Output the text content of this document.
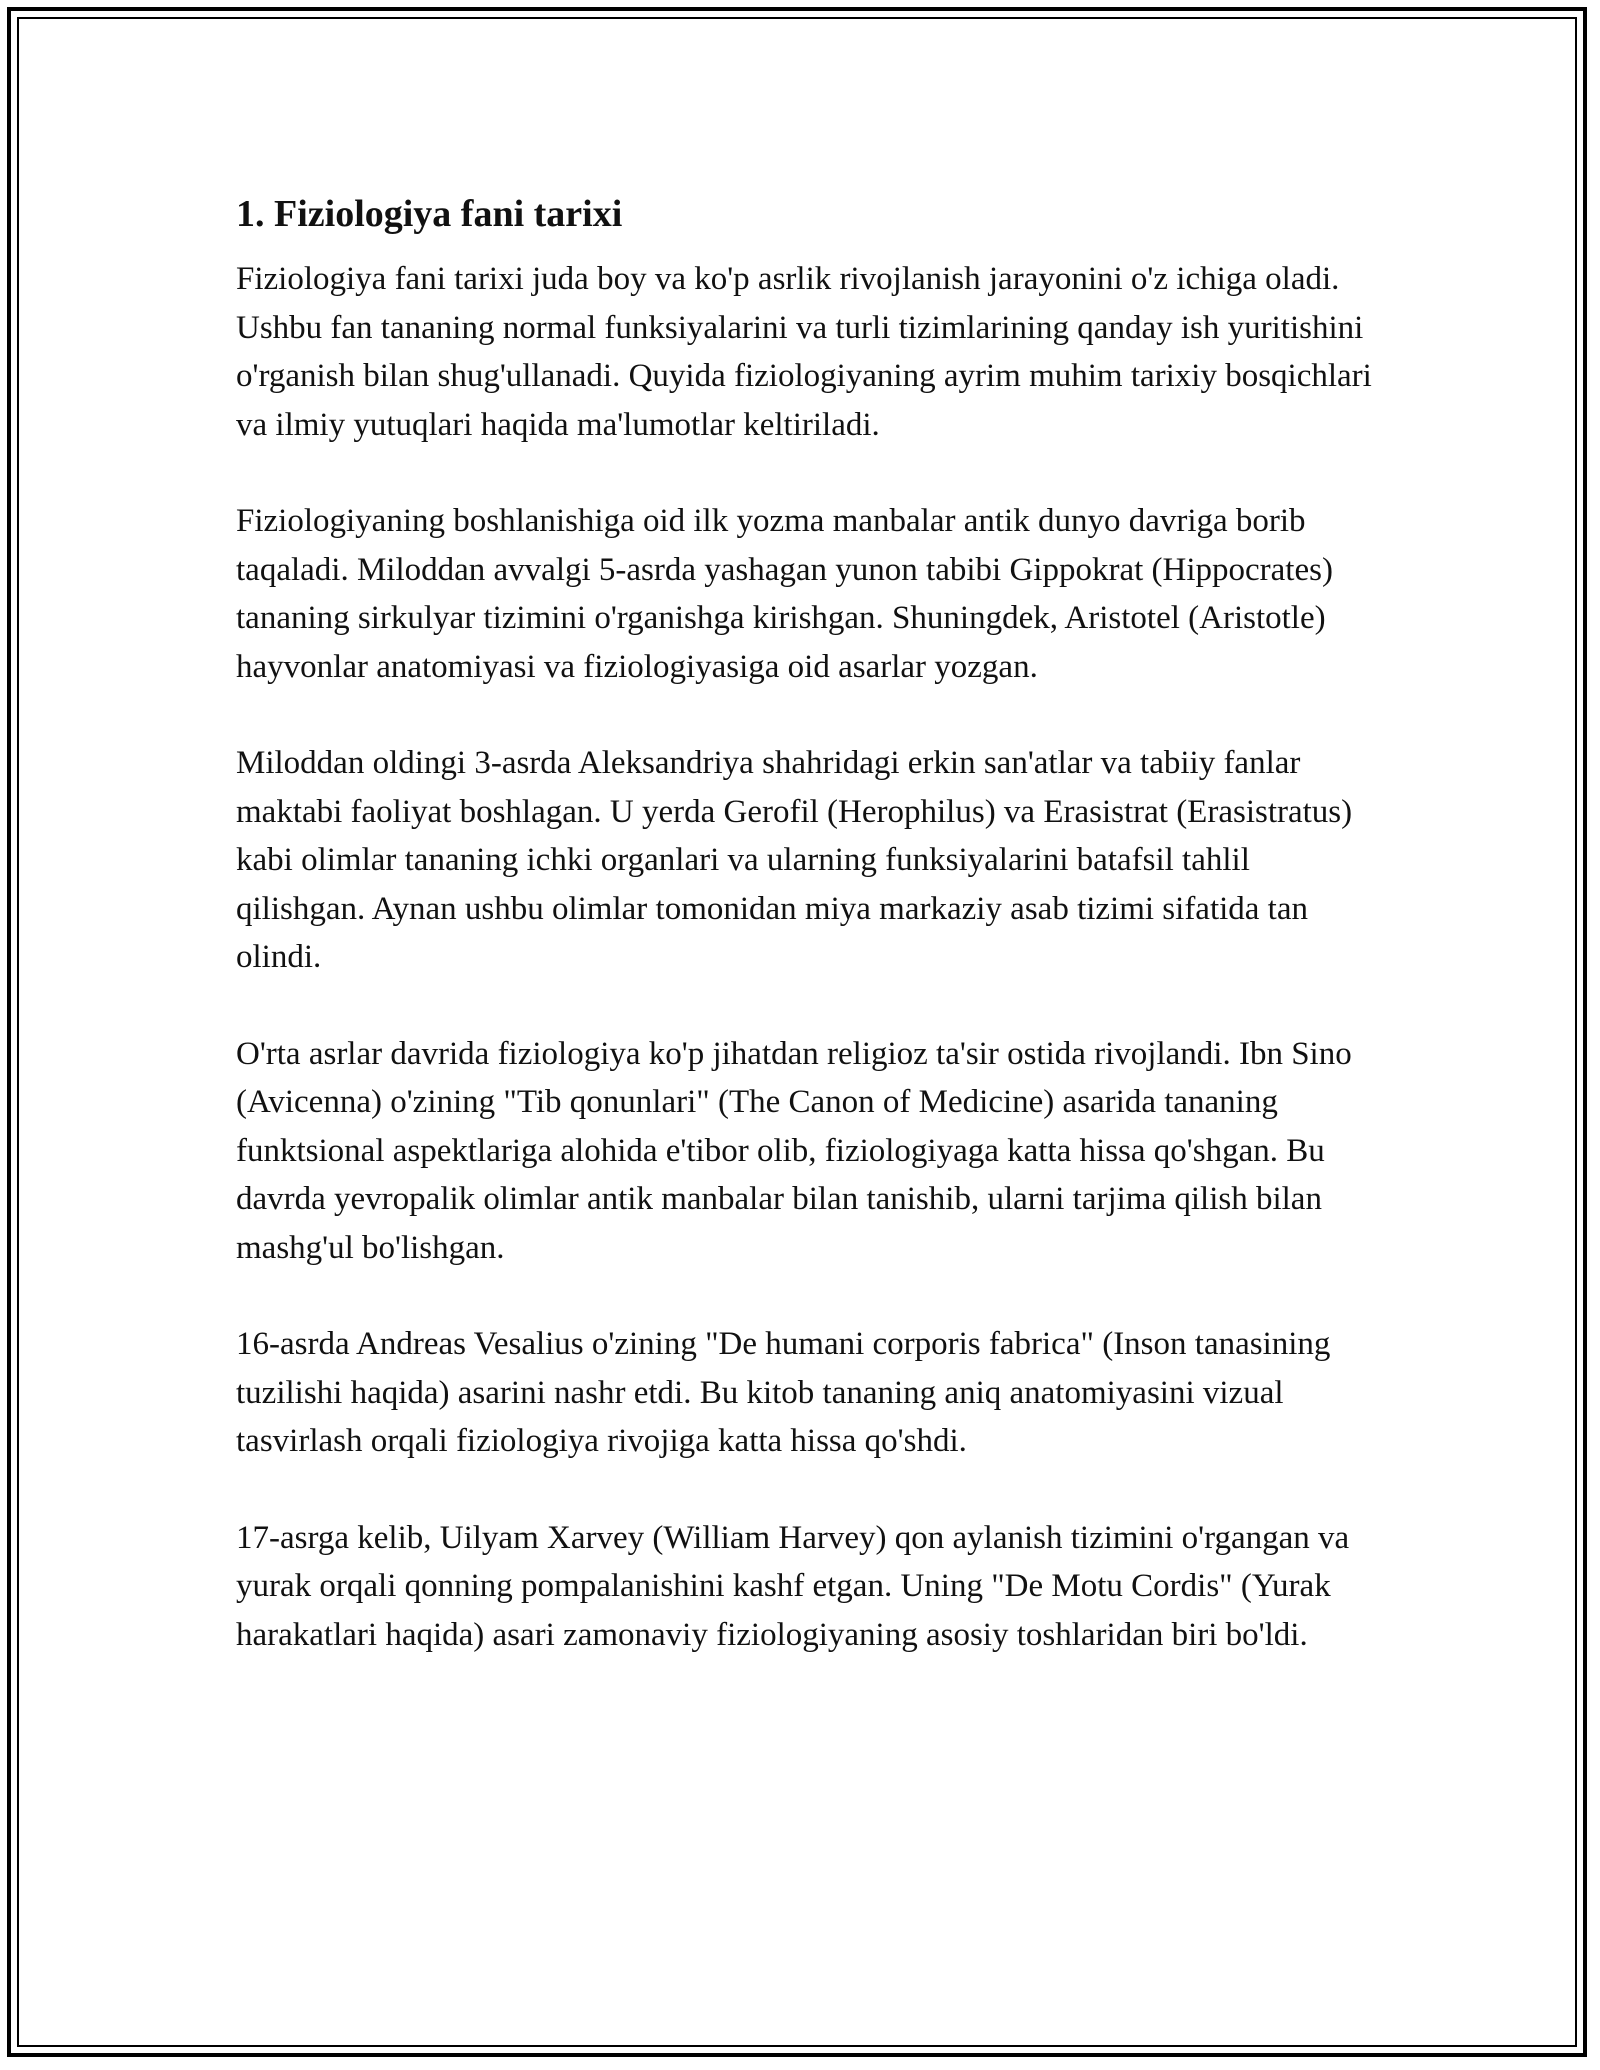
1. Fiziologiya fani tarixi

Fiziologiya fani tarixi juda boy va ko'p asrlik rivojlanish jarayonini o'z ichiga oladi. Ushbu fan tananing normal funksiyalarini va turli tizimlarining qanday ish yuritishini o'rganish bilan shug'ullanadi. Quyida fiziologiyaning ayrim muhim tarixiy bosqichlari va ilmiy yutuqlari haqida ma'lumotlar keltiriladi.

Fiziologiyaning boshlanishiga oid ilk yozma manbalar antik dunyo davriga borib taqaladi. Miloddan avvalgi 5-asrda yashagan yunon tabibi Gippokrat (Hippocrates) tananing sirkulyar tizimini o'rganishga kirishgan. Shuningdek, Aristotel (Aristotle) hayvonlar anatomiyasi va fiziologiyasiga oid asarlar yozgan.

Miloddan oldingi 3-asrda Aleksandriya shahridagi erkin san'atlar va tabiiy fanlar maktabi faoliyat boshlagan. U yerda Gerofil (Herophilus) va Erasistrat (Erasistratus) kabi olimlar tananing ichki organlari va ularning funksiyalarini batafsil tahlil qilishgan. Aynan ushbu olimlar tomonidan miya markaziy asab tizimi sifatida tan olindi.

O'rta asrlar davrida fiziologiya ko'p jihatdan religioz ta'sir ostida rivojlandi. Ibn Sino (Avicenna) o'zining "Tib qonunlari" (The Canon of Medicine) asarida tananing funktsional aspektlariga alohida e'tibor olib, fiziologiyaga katta hissa qo'shgan. Bu davrda yevropalik olimlar antik manbalar bilan tanishib, ularni tarjima qilish bilan mashg'ul bo'lishgan.

16-asrda Andreas Vesalius o'zining "De humani corporis fabrica" (Inson tanasining tuzilishi haqida) asarini nashr etdi. Bu kitob tananing aniq anatomiyasini vizual tasvirlash orqali fiziologiya rivojiga katta hissa qo'shdi.

17-asrga kelib, Uilyam Xarvey (William Harvey) qon aylanish tizimini o'rgangan va yurak orqali qonning pompalanishini kashf etgan. Uning "De Motu Cordis" (Yurak harakatlari haqida) asari zamonaviy fiziologiyaning asosiy toshlaridan biri bo'ldi.
